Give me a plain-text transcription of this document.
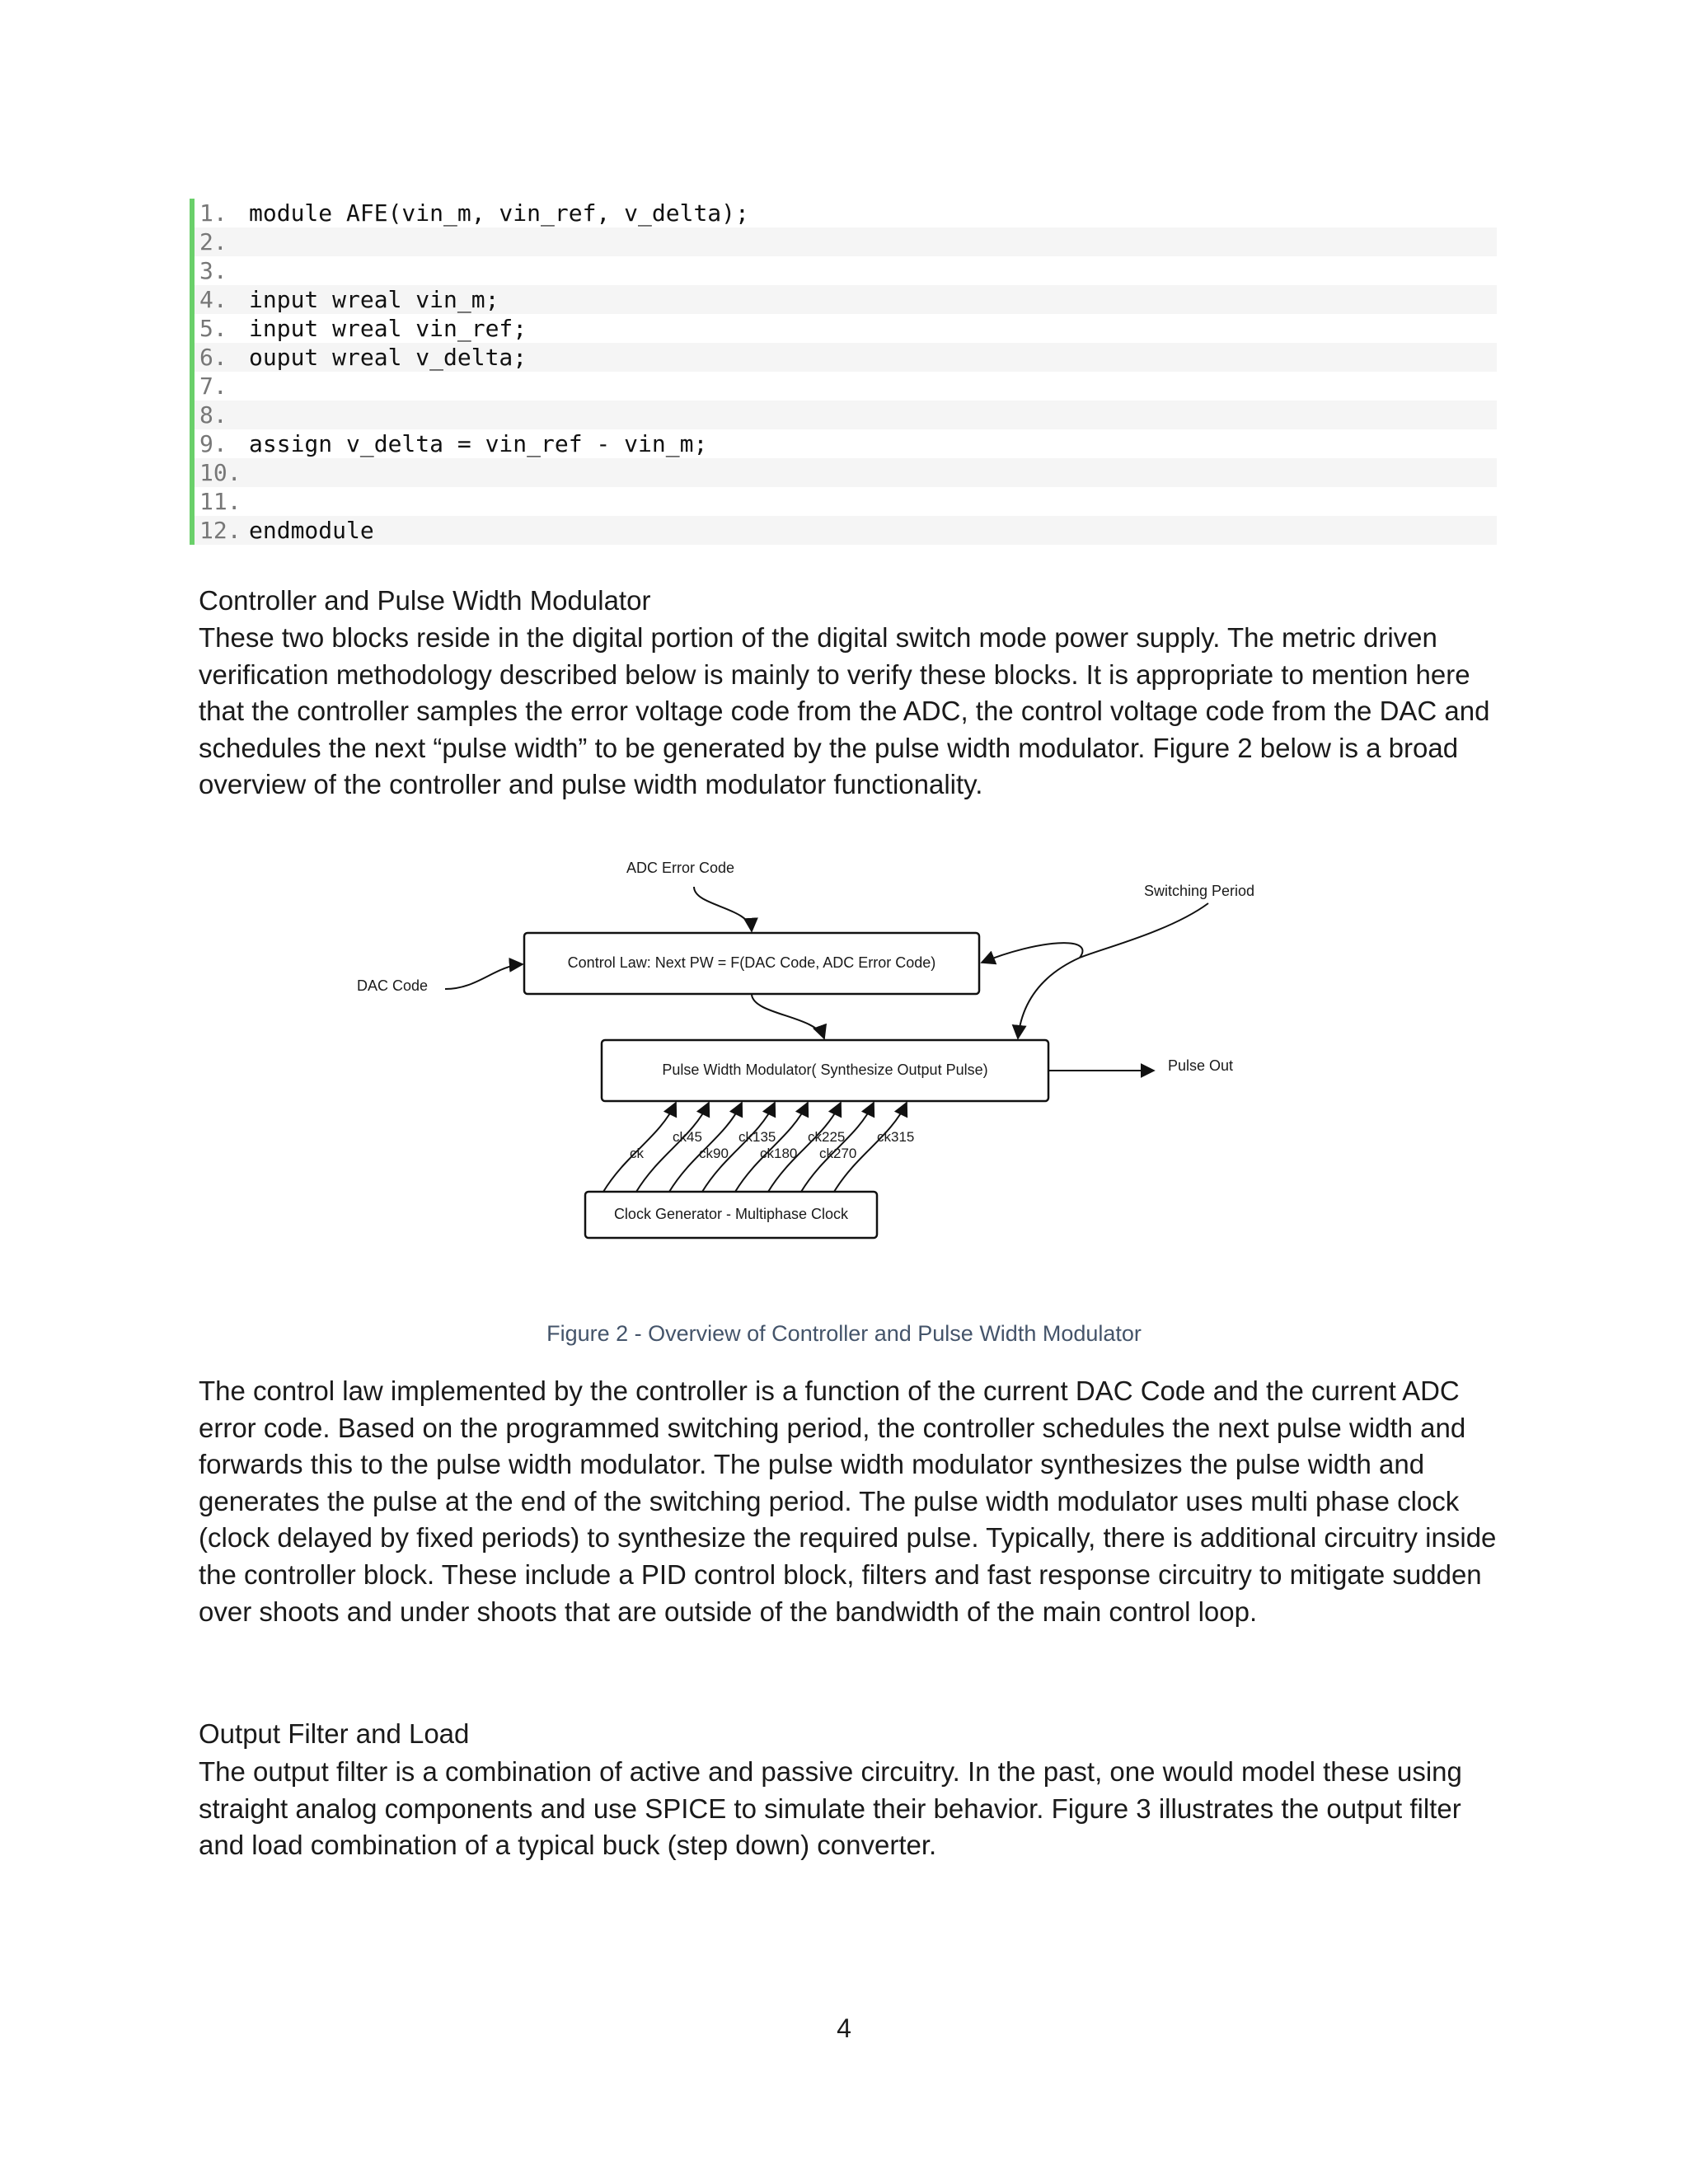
1. module AFE(vin_m, vin_ref, v_delta);
2.
3.
4. input wreal vin_m;
5. input wreal vin_ref;
6. ouput wreal v_delta;
7.
8.
9. assign v_delta = vin_ref - vin_m;
10.
11.
12. endmodule
Controller and Pulse Width Modulator
These two blocks reside in the digital portion of the digital switch mode power supply. The metric driven verification methodology described below is mainly to verify these blocks. It is appropriate to mention here that the controller samples the error voltage code from the ADC, the control voltage code from the DAC and schedules the next “pulse width” to be generated by the pulse width modulator. Figure 2 below is a broad overview of the controller and pulse width modulator functionality.
ADC Error Code
Switching Period
DAC Code
Pulse Out
Control Law: Next PW = F(DAC Code, ADC Error Code)
Pulse Width Modulator( Synthesize Output Pulse)
Clock Generator - Multiphase Clock
ck
ck45
ck90
ck135
ck180
ck225
ck270
ck315
Figure 2 - Overview of Controller and Pulse Width Modulator
The control law implemented by the controller is a function of the current DAC Code and the current ADC error code. Based on the programmed switching period, the controller schedules the next pulse width and forwards this to the pulse width modulator. The pulse width modulator synthesizes the pulse width and generates the pulse at the end of the switching period. The pulse width modulator uses multi phase clock (clock delayed by fixed periods) to synthesize the required pulse. Typically, there is additional circuitry inside the controller block. These include a PID control block, filters and fast response circuitry to mitigate sudden over shoots and under shoots that are outside of the bandwidth of the main control loop.
Output Filter and Load
The output filter is a combination of active and passive circuitry. In the past, one would model these using straight analog components and use SPICE to simulate their behavior. Figure 3 illustrates the output filter and load combination of a typical buck (step down) converter.
4
